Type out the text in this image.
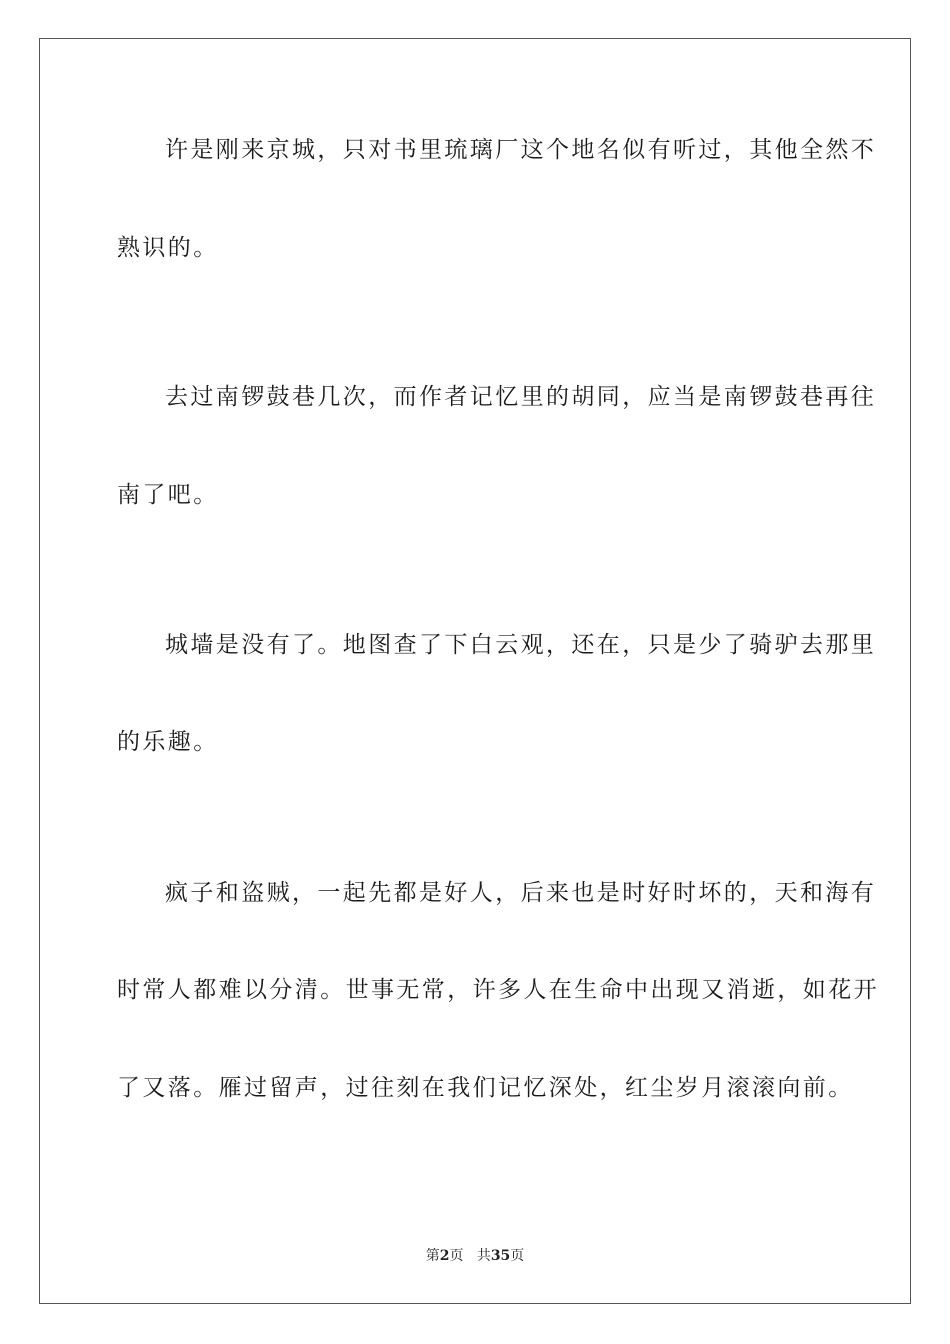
许是刚来京城，只对书里琉璃厂这个地名似有听过，其他全然不
熟识的。
去过南锣鼓巷几次，而作者记忆里的胡同，应当是南锣鼓巷再往
南了吧。
城墙是没有了。地图查了下白云观，还在，只是少了骑驴去那里
的乐趣。
疯子和盗贼，一起先都是好人，后来也是时好时坏的，天和海有
时常人都难以分清。世事无常，许多人在生命中出现又消逝，如花开
了又落。雁过留声，过往刻在我们记忆深处，红尘岁月滚滚向前。
第2页 共35页
